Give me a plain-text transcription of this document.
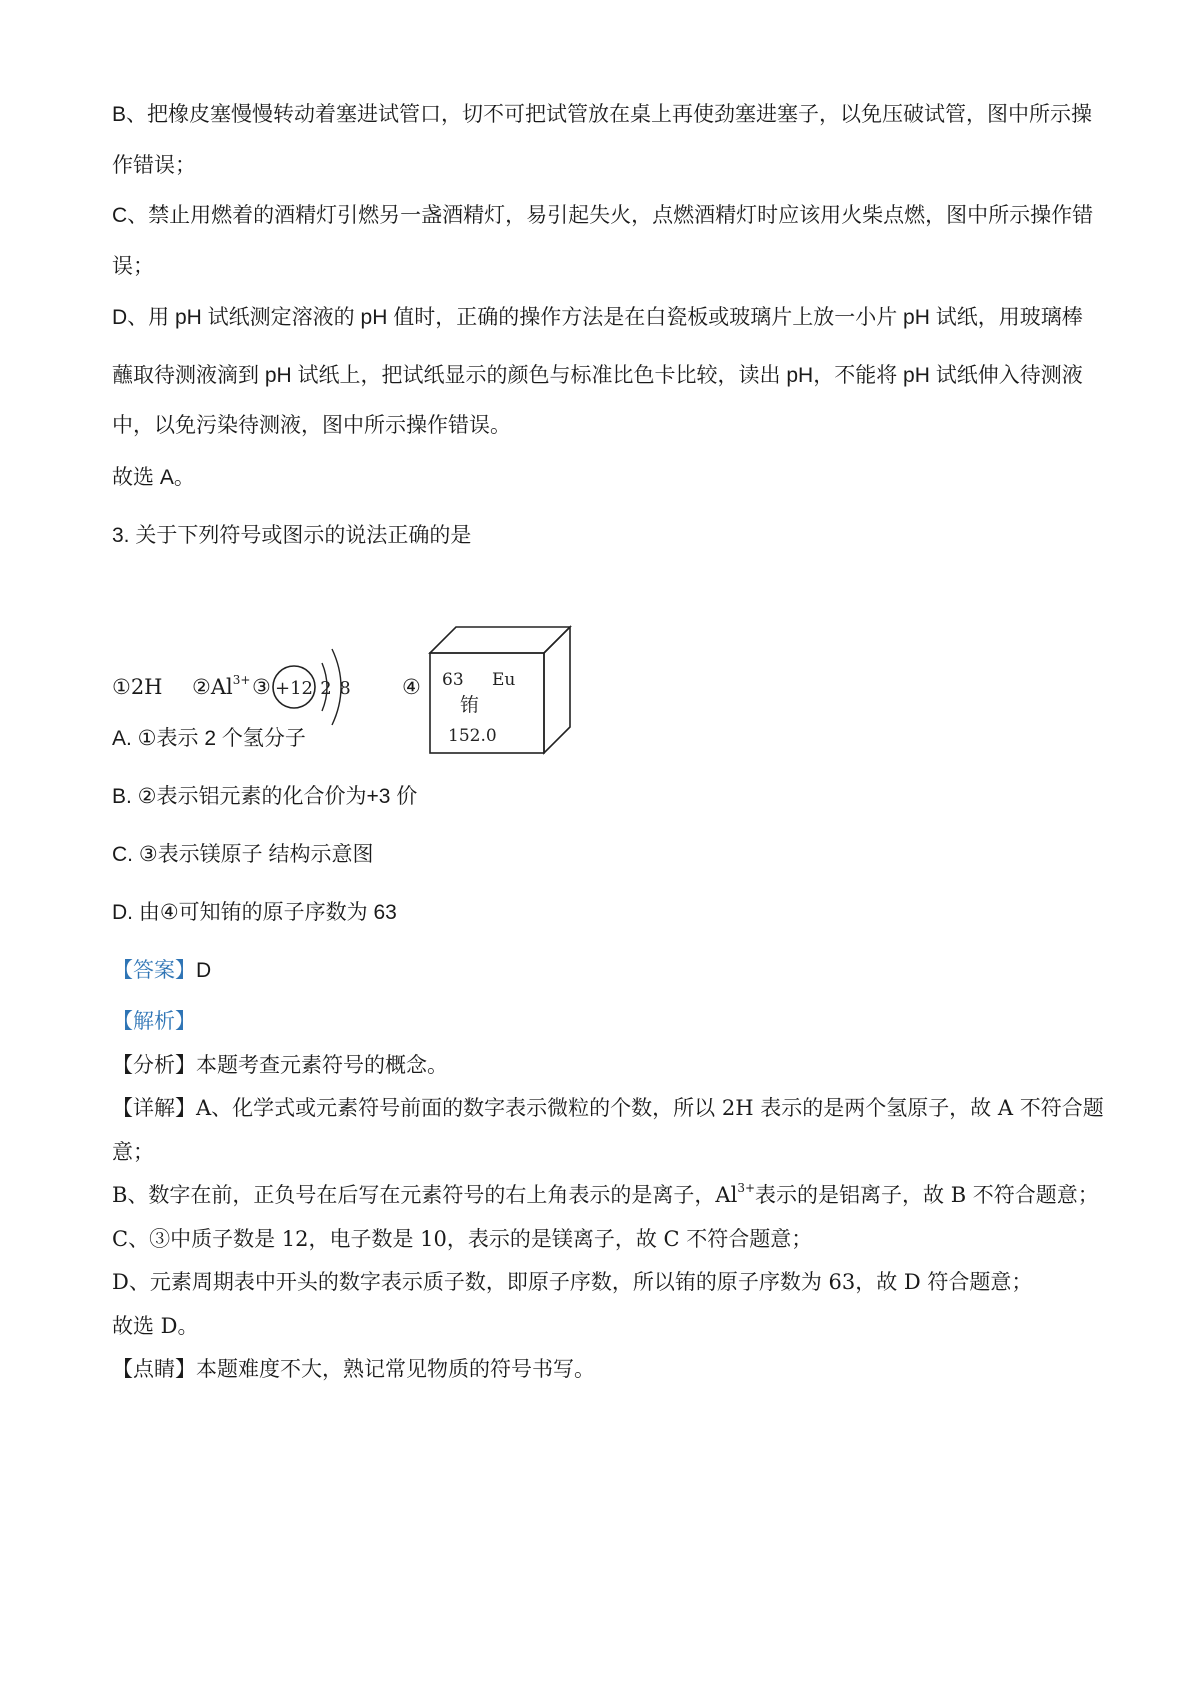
B、把橡皮塞慢慢转动着塞进试管口，切不可把试管放在桌上再使劲塞进塞子，以免压破试管，图中所示操
作错误；
C、禁止用燃着的酒精灯引燃另一盏酒精灯，易引起失火，点燃酒精灯时应该用火柴点燃，图中所示操作错
误；
D、用 pH 试纸测定溶液的 pH 值时，正确的操作方法是在白瓷板或玻璃片上放一小片 pH 试纸，用玻璃棒
蘸取待测液滴到 pH 试纸上，把试纸显示的颜色与标准比色卡比较，读出 pH，不能将 pH 试纸伸入待测液
中，以免污染待测液，图中所示操作错误。
故选 A。
3. 关于下列符号或图示的说法正确的是
①2H $②Al^{3+}$ ③ +12 2 8 ④ 63 Eu
铕
152.0
A. ①表示 2 个氢分子
B. ②表示铝元素的化合价为+3 价
C. ③表示镁原子 结构示意图
D. 由④可知铕的原子序数为 63
【答案】D
【解析】
【分析】本题考查元素符号的概念。
【详解】A、化学式或元素符号前面的数字表示微粒的个数，所以 2H 表示的是两个氢原子，故 A 不符合题
意；
B、数字在前，正负号在后写在元素符号的右上角表示的是离子，$Al^{3+}$表示的是铝离子，故 B 不符合题意；
C、③中质子数是 12，电子数是 10，表示的是镁离子，故 C 不符合题意；
D、元素周期表中开头的数字表示质子数，即原子序数，所以铕的原子序数为 63，故 D 符合题意；
故选 D。
【点睛】本题难度不大，熟记常见物质的符号书写。
